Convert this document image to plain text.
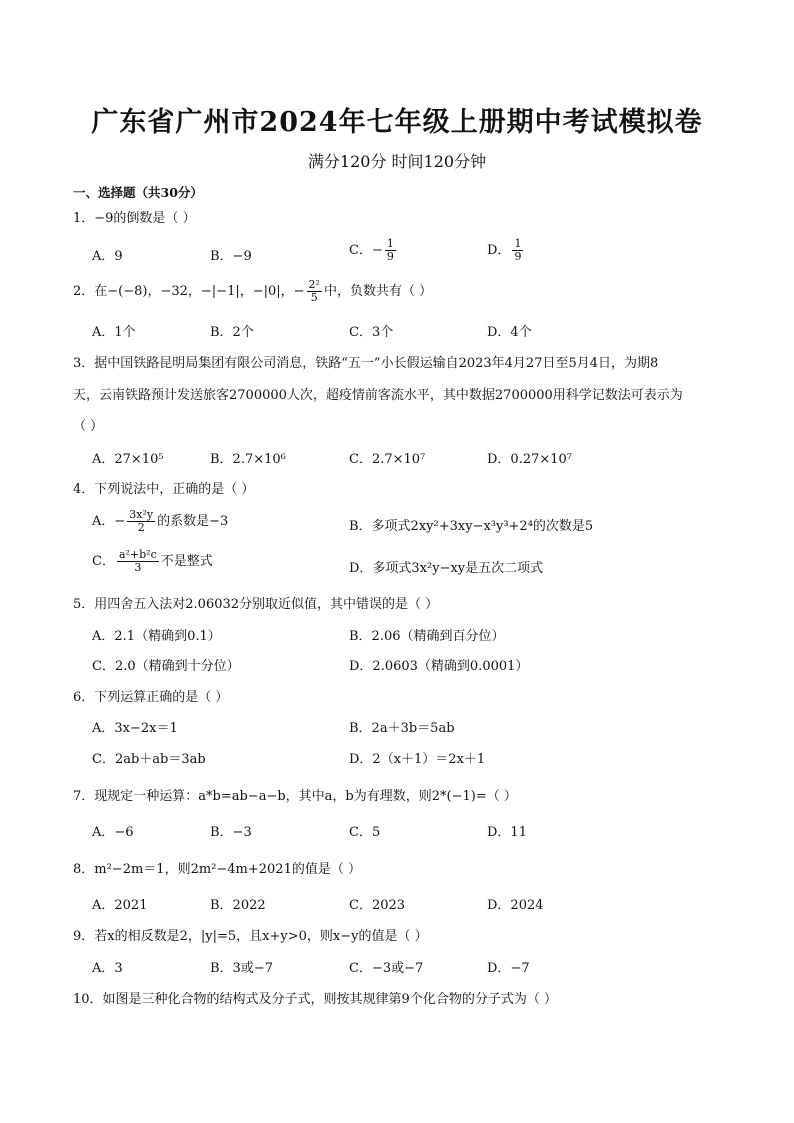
广东省广州市2024年七年级上册期中考试模拟卷
满分120分 时间120分钟
一、选择题（共30分）
1．−9的倒数是（ ）
A．9	B．−9	C．− $\frac{1}{9}$	D． $\frac{1}{9}$
2．在−(−8)，−32，−|−1|，−|0|，− $\frac{\text{2²}}{5}$ 中，负数共有（ ）
A．1个	B．2个	C．3个	D．4个
3．据中国铁路昆明局集团有限公司消息，铁路“五一”小长假运输自2023年4月27日至5月4日，为期8
天，云南铁路预计发送旅客2700000人次，超疫情前客流水平，其中数据2700000用科学记数法可表示为
（ ）
A．27×10⁵	B．2.7×10⁶	C．2.7×10⁷	D．0.27×10⁷
4．下列说法中，正确的是（ ）
A．− $\frac{\text{3x²y}}{2}$ 的系数是−3	B．多项式2xy²+3xy−x³y³+2⁴的次数是5
C． $\frac{\text{a²+b²c}}{3}$ 不是整式	D．多项式3x²y−xy是五次二项式
5．用四舍五入法对2.06032分别取近似值，其中错误的是（ ）
A．2.1（精确到0.1）	B．2.06（精确到百分位）
C．2.0（精确到十分位）	D．2.0603（精确到0.0001）
6．下列运算正确的是（ ）
A．3x−2x＝1	B．2a＋3b＝5ab
C．2ab＋ab＝3ab	D．2（x＋1）＝2x＋1
7．现规定一种运算：a*b=ab−a−b，其中a，b为有理数，则2*(−1)=（ ）
A．−6	B．−3	C．5	D．11
8．m²−2m＝1，则2m²−4m+2021的值是（ ）
A．2021	B．2022	C．2023	D．2024
9．若x的相反数是2，|y|=5，且x+y>0，则x−y的值是（ ）
A．3	B．3或−7	C．−3或−7	D．−7
10．如图是三种化合物的结构式及分子式，则按其规律第9个化合物的分子式为（ ）
